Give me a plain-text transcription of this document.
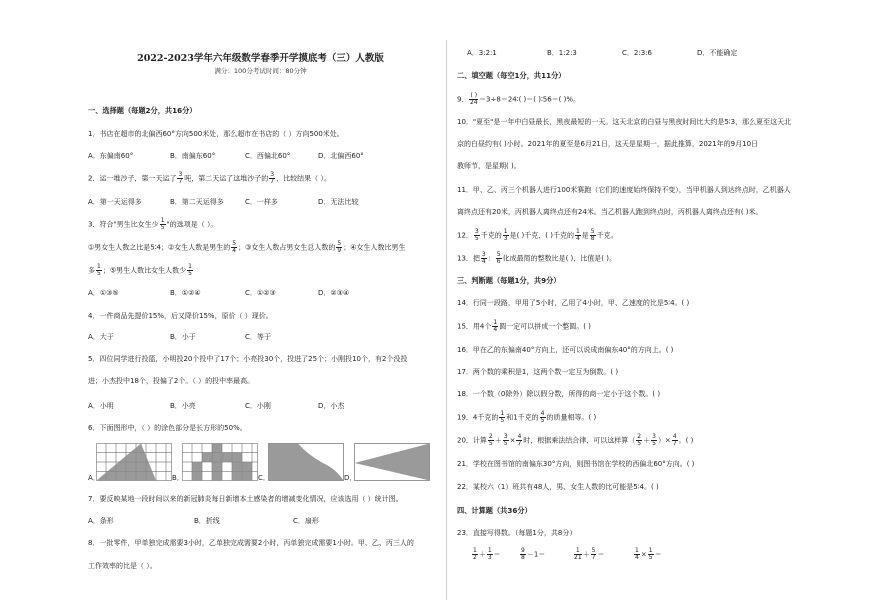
2022-2023学年六年级数学春季开学摸底考（三）人教版
满分：100分考试时间：80分钟
一、选择题（每题2分，共16分）
1．书店在超市的北偏西60°方向500米处，那么超市在书店的（ ）方向500米处。
A．东偏南60°	B．南偏东60°	C．西偏北60°	D．北偏西60°
2．运一堆沙子，第一天运了 $\frac{3}{7}$ 吨，第二天运了这堆沙子的 $\frac{3}{7}$ ，比较结果（ ）。
A．第一天运得多	B．第二天运得多	C．一样多	D．无法比较
3．符合"男生比女生少 $\frac{1}{5}$ "的选项是（ ）。
①男女生人数之比是5∶4；②女生人数是男生的 $\frac{5}{4}$ ；③女生人数占男女生总人数的 $\frac{5}{9}$ ；④女生人数比男生
多 $\frac{1}{5}$ ；⑤男生人数比女生人数少 $\frac{1}{5}$
A．①③⑤	B．①②④	C．①②③	D．②③④
4．一件商品先提价15%，后又降价15%，原价（ ）现价。
A．大于	B．小于	C．等于
5．四位同学进行投篮，小明投20个投中了17个；小亮投30个，投进了25个；小刚投10个，有2个没投
进；小杰投中18个，投偏了2个。（ ）的投中率最高。
A．小明	B．小亮	C．小刚	D．小杰
6．下面图形中，（ ）的涂色部分是长方形的50%。
A．	B．	C．	D．
7．要反映某地一段时间以来的新冠肺炎每日新增本土感染者的增减变化情况，应该选用（ ）统计图。
A．条形	B．折线	C．扇形
8．一批零件，甲单独完成需要3小时，乙单独完成需要2小时，丙单独完成需要1小时。甲、乙、丙三人的
工作效率的比是（ ）。
A．3:2:1	B．1:2:3	C．2:3:6	D．不能确定
二、填空题（每空1分，共11分）
9． $\frac{( )}{24}$ ＝3÷8＝24∶( )＝( )∶56＝( )%。
10．"夏至"是一年中白昼最长，黑夜最短的一天。这天北京的白昼与黑夜时间比大约是5∶3，那么夏至这天北
京的白昼约有( )小时。2021年的夏至是6月21日，这天是星期一，据此推算，2021年的9月10日
教师节，是星期( )。
11．甲、乙、丙三个机器人进行100米赛跑（它们的速度始终保持不变），当甲机器人到达终点时，乙机器人
离终点还有20米，丙机器人离终点还有24米。当乙机器人跑到终点时，丙机器人离终点还有( )米。
12． $\frac{3}{5}$ 千克的 $\frac{1}{3}$ 是( )千克，( )千克的 $\frac{1}{4}$ 是 $\frac{5}{8}$ 千克。
13．把 $\frac{3}{4}$ ： $\frac{5}{6}$ 化成最简的整数比是( )，比值是( )。
三、判断题（每题1分，共9分）
14．行同一段路，甲用了5小时，乙用了4小时，甲、乙速度的比是5∶4。( )
15．用4个 $\frac{1}{4}$ 圆一定可以拼成一个整圆。( )
16．甲在乙的东偏南40°方向上，还可以说成南偏东40°的方向上。( )
17．两个数的乘积是1，这两个数一定互为倒数。( )
18．一个数（0除外）除以假分数，所得的商一定小于这个数。( )
19．4千克的 $\frac{1}{5}$ 和1千克的 $\frac{4}{5}$ 的质量相等。( )
20．计算 $\frac{2}{5} + \frac{3}{5} \times \frac{4}{7}$ 时，根据乘法结合律，可以这样算（ $\frac{2}{5} + \frac{3}{5}$ ）× $\frac{4}{7}$ 。( )
21．学校在图书馆的南偏东30°方向，则图书馆在学校的西偏北60°方向。( )
22．某校六（1）班共有48人，男、女生人数的比可能是5∶4。( )
四、计算题（共36分）
23．直接写得数。（每题1分，共8分）
$\frac{1}{2} + \frac{1}{3}$ ＝	$\frac{9}{8} -1=$	$\frac{1}{21} + \frac{5}{7}$ ＝	$\frac{1}{4} \times \frac{1}{5}$ ＝
